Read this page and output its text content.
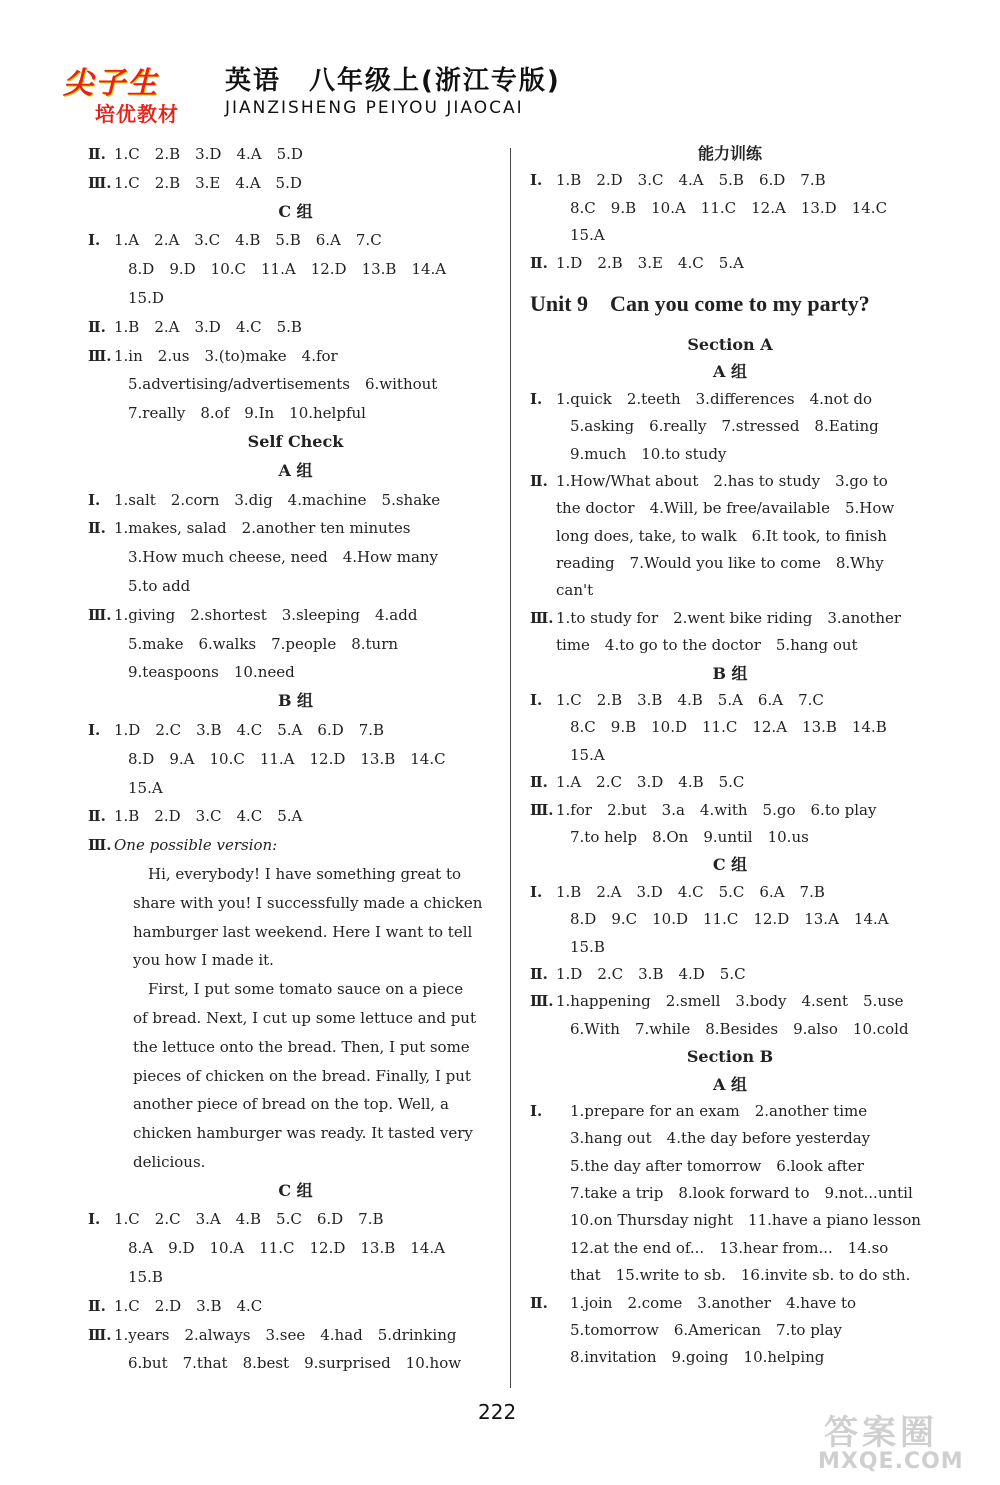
尖子生
培优教材
英语　八年级上(浙江专版)
JIANZISHENG PEIYOU JIAOCAI
Ⅱ. 1.C　2.B　3.D　4.A　5.D
Ⅲ. 1.C　2.B　3.E　4.A　5.D
C 组
Ⅰ. 1.A　2.A　3.C　4.B　5.B　6.A　7.C
8.D　9.D　10.C　11.A　12.D　13.B　14.A
15.D
Ⅱ. 1.B　2.A　3.D　4.C　5.B
Ⅲ. 1.in　2.us　3.(to)make　4.for
5.advertising/advertisements　6.without
7.really　8.of　9.In　10.helpful
Self Check
A 组
Ⅰ. 1.salt　2.corn　3.dig　4.machine　5.shake
Ⅱ. 1.makes, salad　2.another ten minutes
3.How much cheese, need　4.How many
5.to add
Ⅲ. 1.giving　2.shortest　3.sleeping　4.add
5.make　6.walks　7.people　8.turn
9.teaspoons　10.need
B 组
Ⅰ. 1.D　2.C　3.B　4.C　5.A　6.D　7.B
8.D　9.A　10.C　11.A　12.D　13.B　14.C
15.A
Ⅱ. 1.B　2.D　3.C　4.C　5.A
Ⅲ. One possible version:
　Hi, everybody! I have something great to
share with you! I successfully made a chicken
hamburger last weekend. Here I want to tell
you how I made it.
　First, I put some tomato sauce on a piece
of bread. Next, I cut up some lettuce and put
the lettuce onto the bread. Then, I put some
pieces of chicken on the bread. Finally, I put
another piece of bread on the top. Well, a
chicken hamburger was ready. It tasted very
delicious.
C 组
Ⅰ. 1.C　2.C　3.A　4.B　5.C　6.D　7.B
8.A　9.D　10.A　11.C　12.D　13.B　14.A
15.B
Ⅱ. 1.C　2.D　3.B　4.C
Ⅲ. 1.years　2.always　3.see　4.had　5.drinking
6.but　7.that　8.best　9.surprised　10.how
能力训练
Ⅰ. 1.B　2.D　3.C　4.A　5.B　6.D　7.B
8.C　9.B　10.A　11.C　12.A　13.D　14.C
15.A
Ⅱ. 1.D　2.B　3.E　4.C　5.A
Unit 9　Can you come to my party?
Section A
A 组
Ⅰ. 1.quick　2.teeth　3.differences　4.not do
5.asking　6.really　7.stressed　8.Eating
9.much　10.to study
Ⅱ. 1.How/What about　2.has to study　3.go to
the doctor　4.Will, be free/available　5.How
long does, take, to walk　6.It took, to finish
reading　7.Would you like to come　8.Why
can't
Ⅲ. 1.to study for　2.went bike riding　3.another
time　4.to go to the doctor　5.hang out
B 组
Ⅰ. 1.C　2.B　3.B　4.B　5.A　6.A　7.C
8.C　9.B　10.D　11.C　12.A　13.B　14.B
15.A
Ⅱ. 1.A　2.C　3.D　4.B　5.C
Ⅲ. 1.for　2.but　3.a　4.with　5.go　6.to play
7.to help　8.On　9.until　10.us
C 组
Ⅰ. 1.B　2.A　3.D　4.C　5.C　6.A　7.B
8.D　9.C　10.D　11.C　12.D　13.A　14.A
15.B
Ⅱ. 1.D　2.C　3.B　4.D　5.C
Ⅲ. 1.happening　2.smell　3.body　4.sent　5.use
6.With　7.while　8.Besides　9.also　10.cold
Section B
A 组
Ⅰ. 1.prepare for an exam　2.another time
3.hang out　4.the day before yesterday
5.the day after tomorrow　6.look after
7.take a trip　8.look forward to　9.not...until
10.on Thursday night　11.have a piano lesson
12.at the end of...　13.hear from...　14.so
that　15.write to sb.　16.invite sb. to do sth.
Ⅱ. 1.join　2.come　3.another　4.have to
5.tomorrow　6.American　7.to play
8.invitation　9.going　10.helping
222
答案圈
MXQE.COM
